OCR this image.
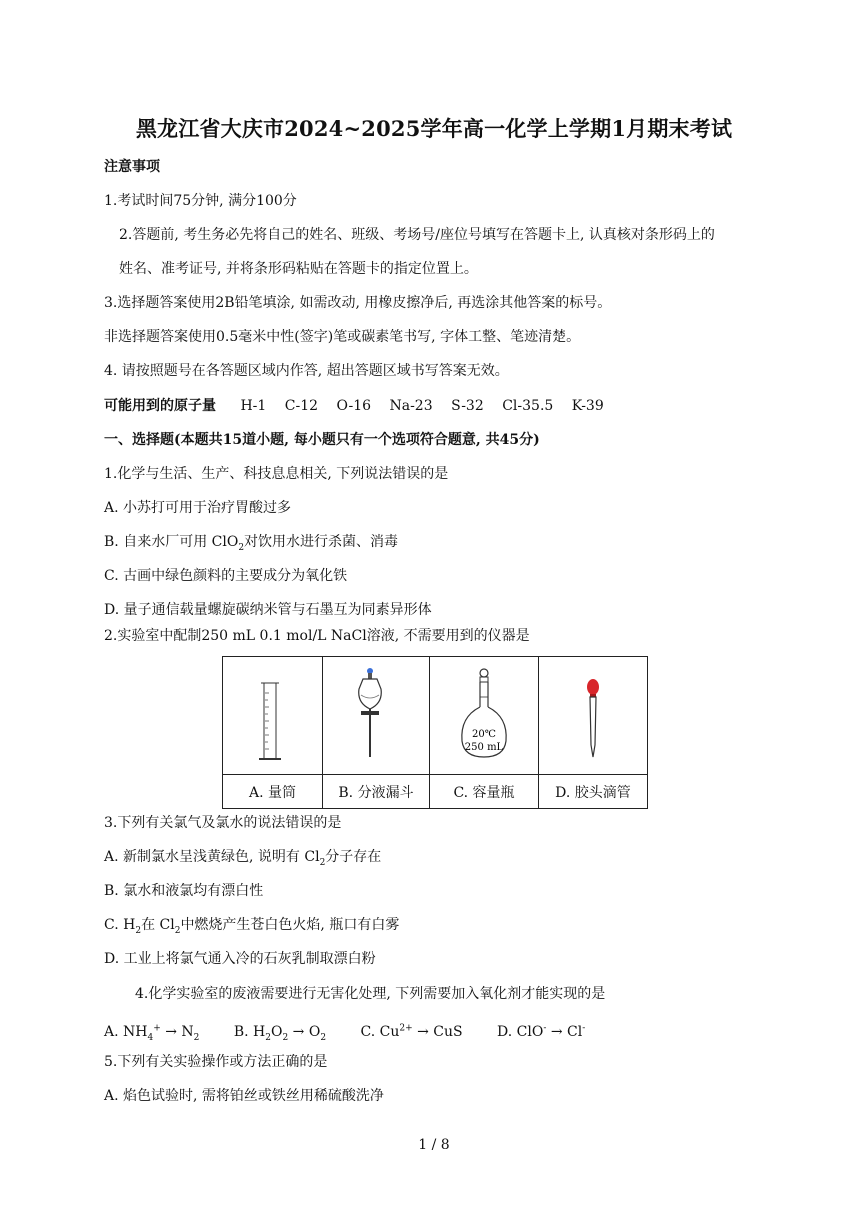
黑龙江省大庆市2024~2025学年高一化学上学期1月期末考试
注意事项
1.考试时间75分钟, 满分100分
2.答题前, 考生务必先将自己的姓名、班级、考场号/座位号填写在答题卡上, 认真核对条形码上的
姓名、准考证号, 并将条形码粘贴在答题卡的指定位置上。
3.选择题答案使用2B铅笔填涂, 如需改动, 用橡皮擦净后, 再选涂其他答案的标号。
非选择题答案使用0.5毫米中性(签字)笔或碳素笔书写, 字体工整、笔迹清楚。
4. 请按照题号在各答题区域内作答, 超出答题区域书写答案无效。
可能用到的原子量 H-1 C-12 O-16 Na-23 S-32 Cl-35.5 K-39
一、选择题(本题共15道小题, 每小题只有一个选项符合题意, 共45分)
1.化学与生活、生产、科技息息相关, 下列说法错误的是
A. 小苏打可用于治疗胃酸过多
B. 自来水厂可用 ClO$_2$对饮用水进行杀菌、消毒
C. 古画中绿色颜料的主要成分为氧化铁
D. 量子通信载量螺旋碳纳米管与石墨互为同素异形体
2.实验室中配制250 mL 0.1 mol/L NaCl溶液, 不需要用到的仪器是

20℃
250 mL

A. 量筒	B. 分液漏斗	C. 容量瓶	D. 胶头滴管
3.下列有关氯气及氯水的说法错误的是
A. 新制氯水呈浅黄绿色, 说明有 $Cl_2$分子存在
B. 氯水和液氯均有漂白性
C. $H_2$在 $Cl_2$中燃烧产生苍白色火焰, 瓶口有白雾
D. 工业上将氯气通入冷的石灰乳制取漂白粉
4.化学实验室的废液需要进行无害化处理, 下列需要加入氧化剂才能实现的是
A. $NH_4^+ \to N_2$ B. $H_2O_2 \to O_2$ C. $Cu^{2+}$ → CuS D. ClO- → Cl-
5.下列有关实验操作或方法正确的是
A. 焰色试验时, 需将铂丝或铁丝用稀硫酸洗净
1 / 8
